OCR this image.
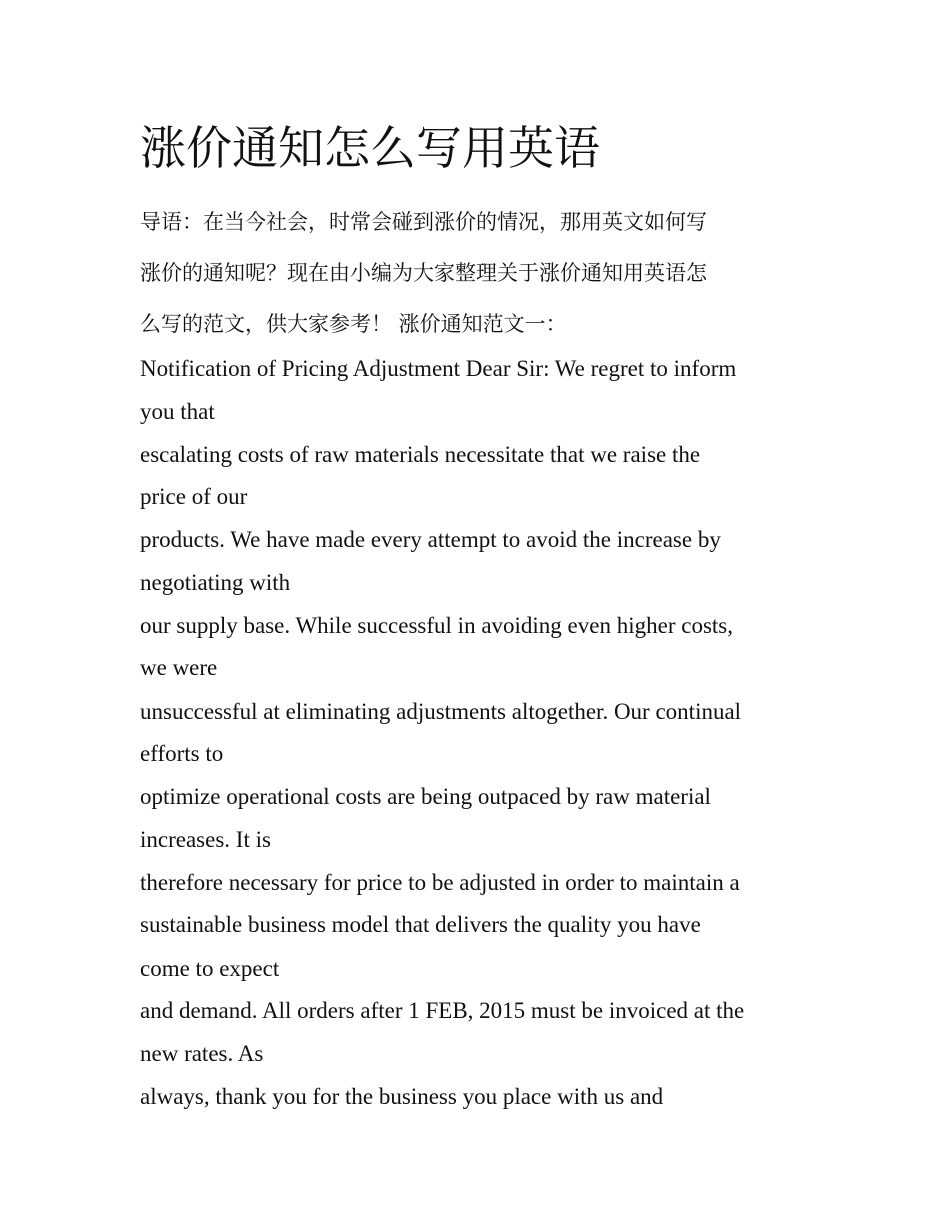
涨价通知怎么写用英语
导语：在当今社会，时常会碰到涨价的情况，那用英文如何写
涨价的通知呢？现在由小编为大家整理关于涨价通知用英语怎
么写的范文，供大家参考！ 涨价通知范文一：
Notification of Pricing Adjustment Dear Sir: We regret to inform
you that
escalating costs of raw materials necessitate that we raise the
price of our
products. We have made every attempt to avoid the increase by
negotiating with
our supply base. While successful in avoiding even higher costs,
we were
unsuccessful at eliminating adjustments altogether. Our continual
efforts to
optimize operational costs are being outpaced by raw material
increases. It is
therefore necessary for price to be adjusted in order to maintain a
sustainable business model that delivers the quality you have
come to expect
and demand. All orders after 1 FEB, 2015 must be invoiced at the
new rates. As
always, thank you for the business you place with us and
